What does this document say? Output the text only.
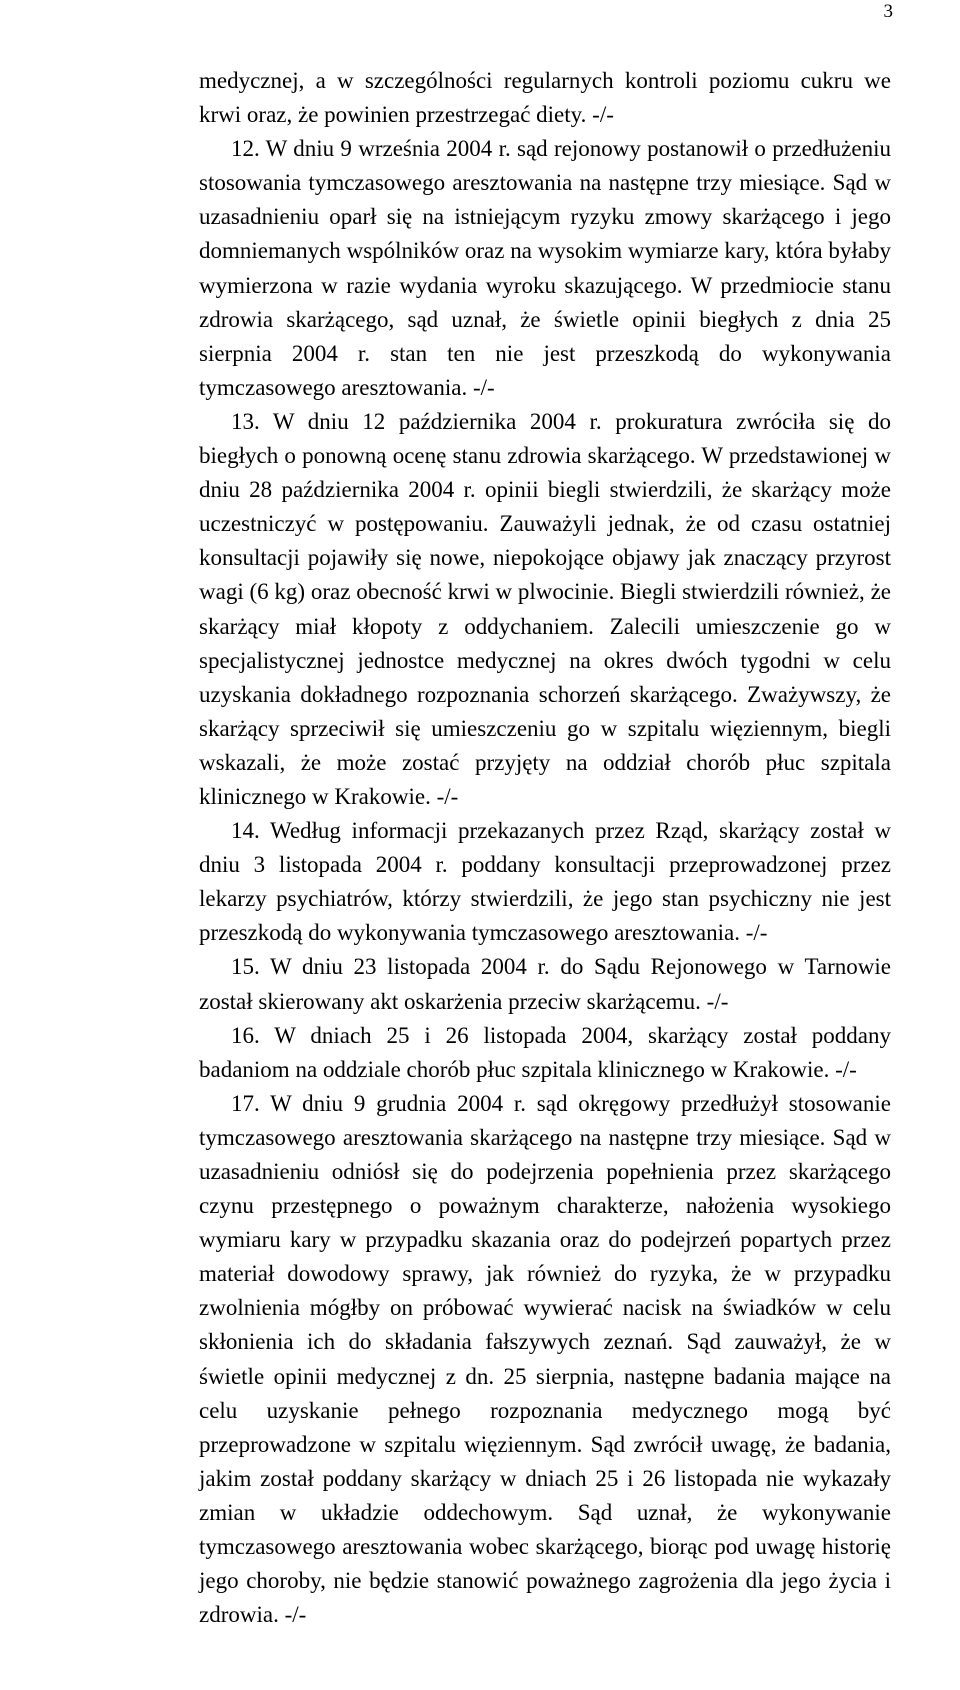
3

medycznej, a w szczególności regularnych kontroli poziomu cukru we krwi oraz, że powinien przestrzegać diety. -/-

12. W dniu 9 września 2004 r. sąd rejonowy postanowił o przedłużeniu stosowania tymczasowego aresztowania na następne trzy miesiące. Sąd w uzasadnieniu oparł się na istniejącym ryzyku zmowy skarżącego i jego domniemanych wspólników oraz na wysokim wymiarze kary, która byłaby wymierzona w razie wydania wyroku skazującego. W przedmiocie stanu zdrowia skarżącego, sąd uznał, że świetle opinii biegłych z dnia 25 sierpnia 2004 r. stan ten nie jest przeszkodą do wykonywania tymczasowego aresztowania. -/-

13. W dniu 12 października 2004 r. prokuratura zwróciła się do biegłych o ponowną ocenę stanu zdrowia skarżącego. W przedstawionej w dniu 28 października 2004 r. opinii biegli stwierdzili, że skarżący może uczestniczyć w postępowaniu. Zauważyli jednak, że od czasu ostatniej konsultacji pojawiły się nowe, niepokojące objawy jak znaczący przyrost wagi (6 kg) oraz obecność krwi w plwocinie. Biegli stwierdzili również, że skarżący miał kłopoty z oddychaniem. Zalecili umieszczenie go w specjalistycznej jednostce medycznej na okres dwóch tygodni w celu uzyskania dokładnego rozpoznania schorzeń skarżącego. Zważywszy, że skarżący sprzeciwił się umieszczeniu go w szpitalu więziennym, biegli wskazali, że może zostać przyjęty na oddział chorób płuc szpitala klinicznego w Krakowie. -/-

14. Według informacji przekazanych przez Rząd, skarżący został w dniu 3 listopada 2004 r. poddany konsultacji przeprowadzonej przez lekarzy psychiatrów, którzy stwierdzili, że jego stan psychiczny nie jest przeszkodą do wykonywania tymczasowego aresztowania. -/-

15. W dniu 23 listopada 2004 r. do Sądu Rejonowego w Tarnowie został skierowany akt oskarżenia przeciw skarżącemu. -/-

16. W dniach 25 i 26 listopada 2004, skarżący został poddany badaniom na oddziale chorób płuc szpitala klinicznego w Krakowie. -/-

17. W dniu 9 grudnia 2004 r. sąd okręgowy przedłużył stosowanie tymczasowego aresztowania skarżącego na następne trzy miesiące. Sąd w uzasadnieniu odniósł się do podejrzenia popełnienia przez skarżącego czynu przestępnego o poważnym charakterze, nałożenia wysokiego wymiaru kary w przypadku skazania oraz do podejrzeń popartych przez materiał dowodowy sprawy, jak również do ryzyka, że w przypadku zwolnienia mógłby on próbować wywierać nacisk na świadków w celu skłonienia ich do składania fałszywych zeznań. Sąd zauważył, że w świetle opinii medycznej z dn. 25 sierpnia, następne badania mające na celu uzyskanie pełnego rozpoznania medycznego mogą być przeprowadzone w szpitalu więziennym. Sąd zwrócił uwagę, że badania, jakim został poddany skarżący w dniach 25 i 26 listopada nie wykazały zmian w układzie oddechowym. Sąd uznał, że wykonywanie tymczasowego aresztowania wobec skarżącego, biorąc pod uwagę historię jego choroby, nie będzie stanowić poważnego zagrożenia dla jego życia i zdrowia. -/-
